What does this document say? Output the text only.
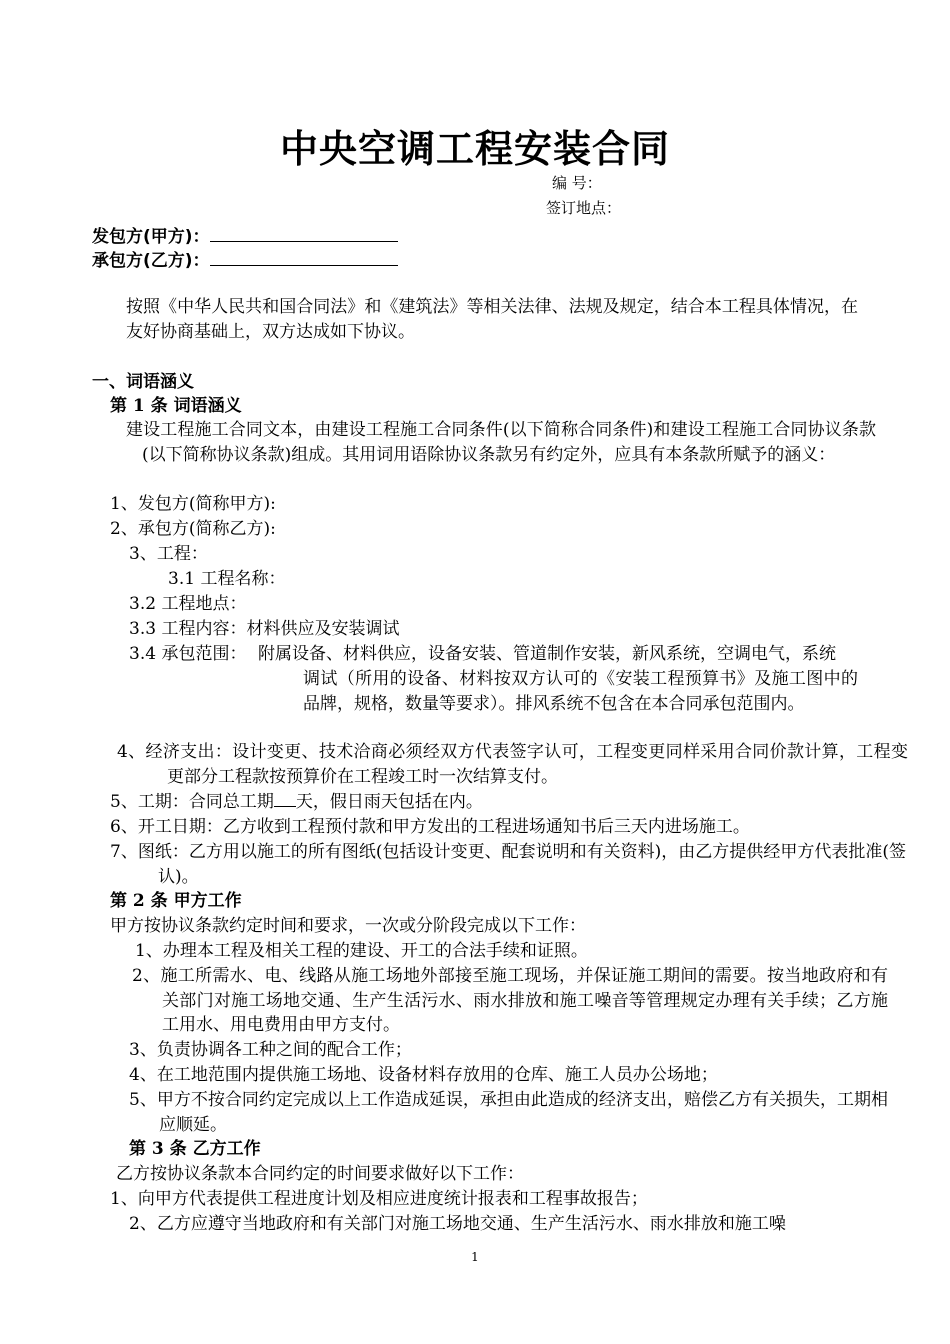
中央空调工程安装合同
编 号：
签订地点：
发包方(甲方)：
承包方(乙方)：
按照《中华人民共和国合同法》和《建筑法》等相关法律、法规及规定，结合本工程具体情况，在友好协商基础上，双方达成如下协议。
一、词语涵义
第 1 条 词语涵义
建设工程施工合同文本，由建设工程施工合同条件(以下简称合同条件)和建设工程施工合同协议条款(以下简称协议条款)组成。其用词用语除协议条款另有约定外，应具有本条款所赋予的涵义：
1、发包方(简称甲方):
2、承包方(简称乙方):
3、工程：
3.1 工程名称：
3.2 工程地点：
3.3 工程内容：材料供应及安装调试
3.4 承包范围： 附属设备、材料供应，设备安装、管道制作安装，新风系统，空调电气，系统
调试（所用的设备、材料按双方认可的《安装工程预算书》及施工图中的品牌，规格，数量等要求）。排风系统不包含在本合同承包范围内。
4、经济支出：设计变更、技术洽商必须经双方代表签字认可，工程变更同样采用合同价款计算，工程变更部分工程款按预算价在工程竣工时一次结算支付。
5、工期：合同总工期 天，假日雨天包括在内。
6、开工日期：乙方收到工程预付款和甲方发出的工程进场通知书后三天内进场施工。
7、图纸：乙方用以施工的所有图纸(包括设计变更、配套说明和有关资料)，由乙方提供经甲方代表批准(签认)。
第 2 条 甲方工作
甲方按协议条款约定时间和要求，一次或分阶段完成以下工作：
1、办理本工程及相关工程的建设、开工的合法手续和证照。
2、施工所需水、电、线路从施工场地外部接至施工现场，并保证施工期间的需要。按当地政府和有关部门对施工场地交通、生产生活污水、雨水排放和施工噪音等管理规定办理有关手续；乙方施工用水、用电费用由甲方支付。
3、负责协调各工种之间的配合工作；
4、在工地范围内提供施工场地、设备材料存放用的仓库、施工人员办公场地；
5、甲方不按合同约定完成以上工作造成延误，承担由此造成的经济支出，赔偿乙方有关损失，工期相应顺延。
第 3 条 乙方工作
乙方按协议条款本合同约定的时间要求做好以下工作：
1、向甲方代表提供工程进度计划及相应进度统计报表和工程事故报告；
2、乙方应遵守当地政府和有关部门对施工场地交通、生产生活污水、雨水排放和施工噪
1
